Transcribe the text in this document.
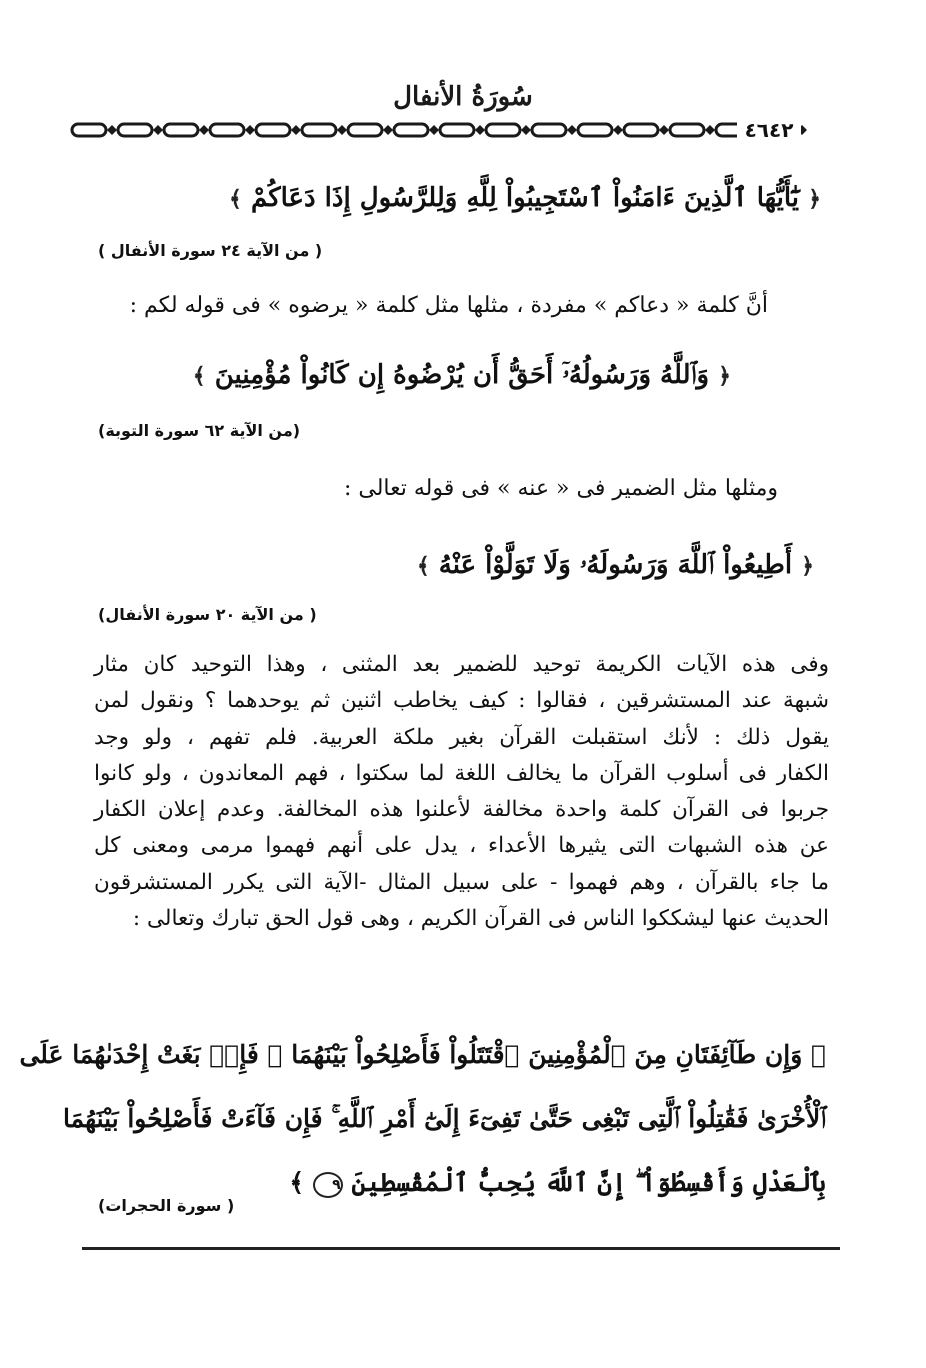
سُورَةُ الأنفال
٤٦٤٢
﴿ يَٰٓأَيُّهَا ٱلَّذِينَ ءَامَنُواْ ٱسْتَجِيبُواْ لِلَّهِ وَلِلرَّسُولِ إِذَا دَعَاكُمْ ﴾
( من الآية ٢٤ سورة الأنفال )
أنَّ كلمة « دعاكم » مفردة ، مثلها مثل كلمة « يرضوه » فى قوله لكم :
﴿ وَٱللَّهُ وَرَسُولُهُۥٓ أَحَقُّ أَن يُرْضُوهُ إِن كَانُواْ مُؤْمِنِينَ ﴾
(من الآية ٦٢ سورة التوبة)
ومثلها مثل الضمير فى « عنه » فى قوله تعالى :
﴿ أَطِيعُواْ ٱللَّهَ وَرَسُولَهُۥ وَلَا تَوَلَّوْاْ عَنْهُ ﴾
( من الآية ٢٠ سورة الأنفال)
وفى هذه الآيات الكريمة توحيد للضمير بعد المثنى ، وهذا التوحيد كان مثار
شبهة عند المستشرقين ، فقالوا : كيف يخاطب اثنين ثم يوحدهما ؟ ونقول لمن
يقول ذلك : لأنك استقبلت القرآن بغير ملكة العربية. فلم تفهم ، ولو وجد
الكفار فى أسلوب القرآن ما يخالف اللغة لما سكتوا ، فهم المعاندون ، ولو كانوا
جربوا فى القرآن كلمة واحدة مخالفة لأعلنوا هذه المخالفة. وعدم إعلان الكفار
عن هذه الشبهات التى يثيرها الأعداء ، يدل على أنهم فهموا مرمى ومعنى كل
ما جاء بالقرآن ، وهم فهموا - على سبيل المثال -الآية التى يكرر المستشرقون
الحديث عنها ليشككوا الناس فى القرآن الكريم ، وهى قول الحق تبارك وتعالى :
﴿ وَإِن طَآئِفَتَانِ مِنَ ٱلْمُؤْمِنِينَ ٱقْتَتَلُواْ فَأَصْلِحُواْ بَيْنَهُمَا ۖ فَإِنۢ بَغَتْ إِحْدَىٰهُمَا عَلَى
ٱلْأُخْرَىٰ فَقَٰتِلُواْ ٱلَّتِى تَبْغِى حَتَّىٰ تَفِىٓءَ إِلَىٰٓ أَمْرِ ٱللَّهِ ۚ فَإِن فَآءَتْ فَأَصْلِحُواْ بَيْنَهُمَا
بِٱلْعَدْلِ وَأَقْسِطُوٓاْ ۖ إِنَّ ٱللَّهَ يُحِبُّ ٱلْمُقْسِطِينَ ٩ ﴾
( سورة الحجرات)
